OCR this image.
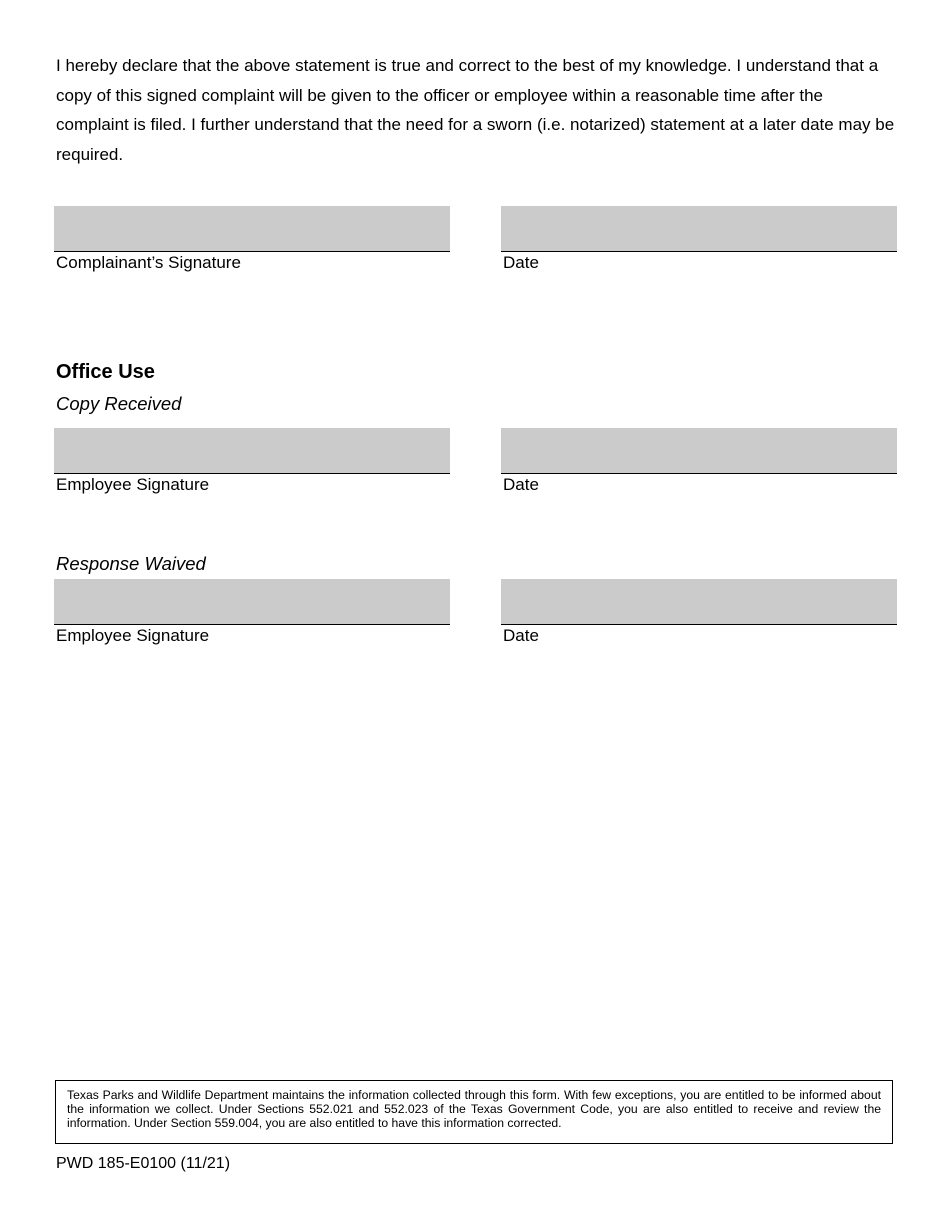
I hereby declare that the above statement is true and correct to the best of my knowledge. I understand that a copy of this signed complaint will be given to the officer or employee within a reasonable time after the complaint is filed. I further understand that the need for a sworn (i.e. notarized) statement at a later date may be required.

Complainant’s Signature	Date

Office Use

Copy Received

Employee Signature	Date

Response Waived

Employee Signature	Date

Texas Parks and Wildlife Department maintains the information collected through this form. With few exceptions, you are entitled to be informed about the information we collect. Under Sections 552.021 and 552.023 of the Texas Government Code, you are also entitled to receive and review the information. Under Section 559.004, you are also entitled to have this information corrected.

PWD 185-E0100 (11/21)
